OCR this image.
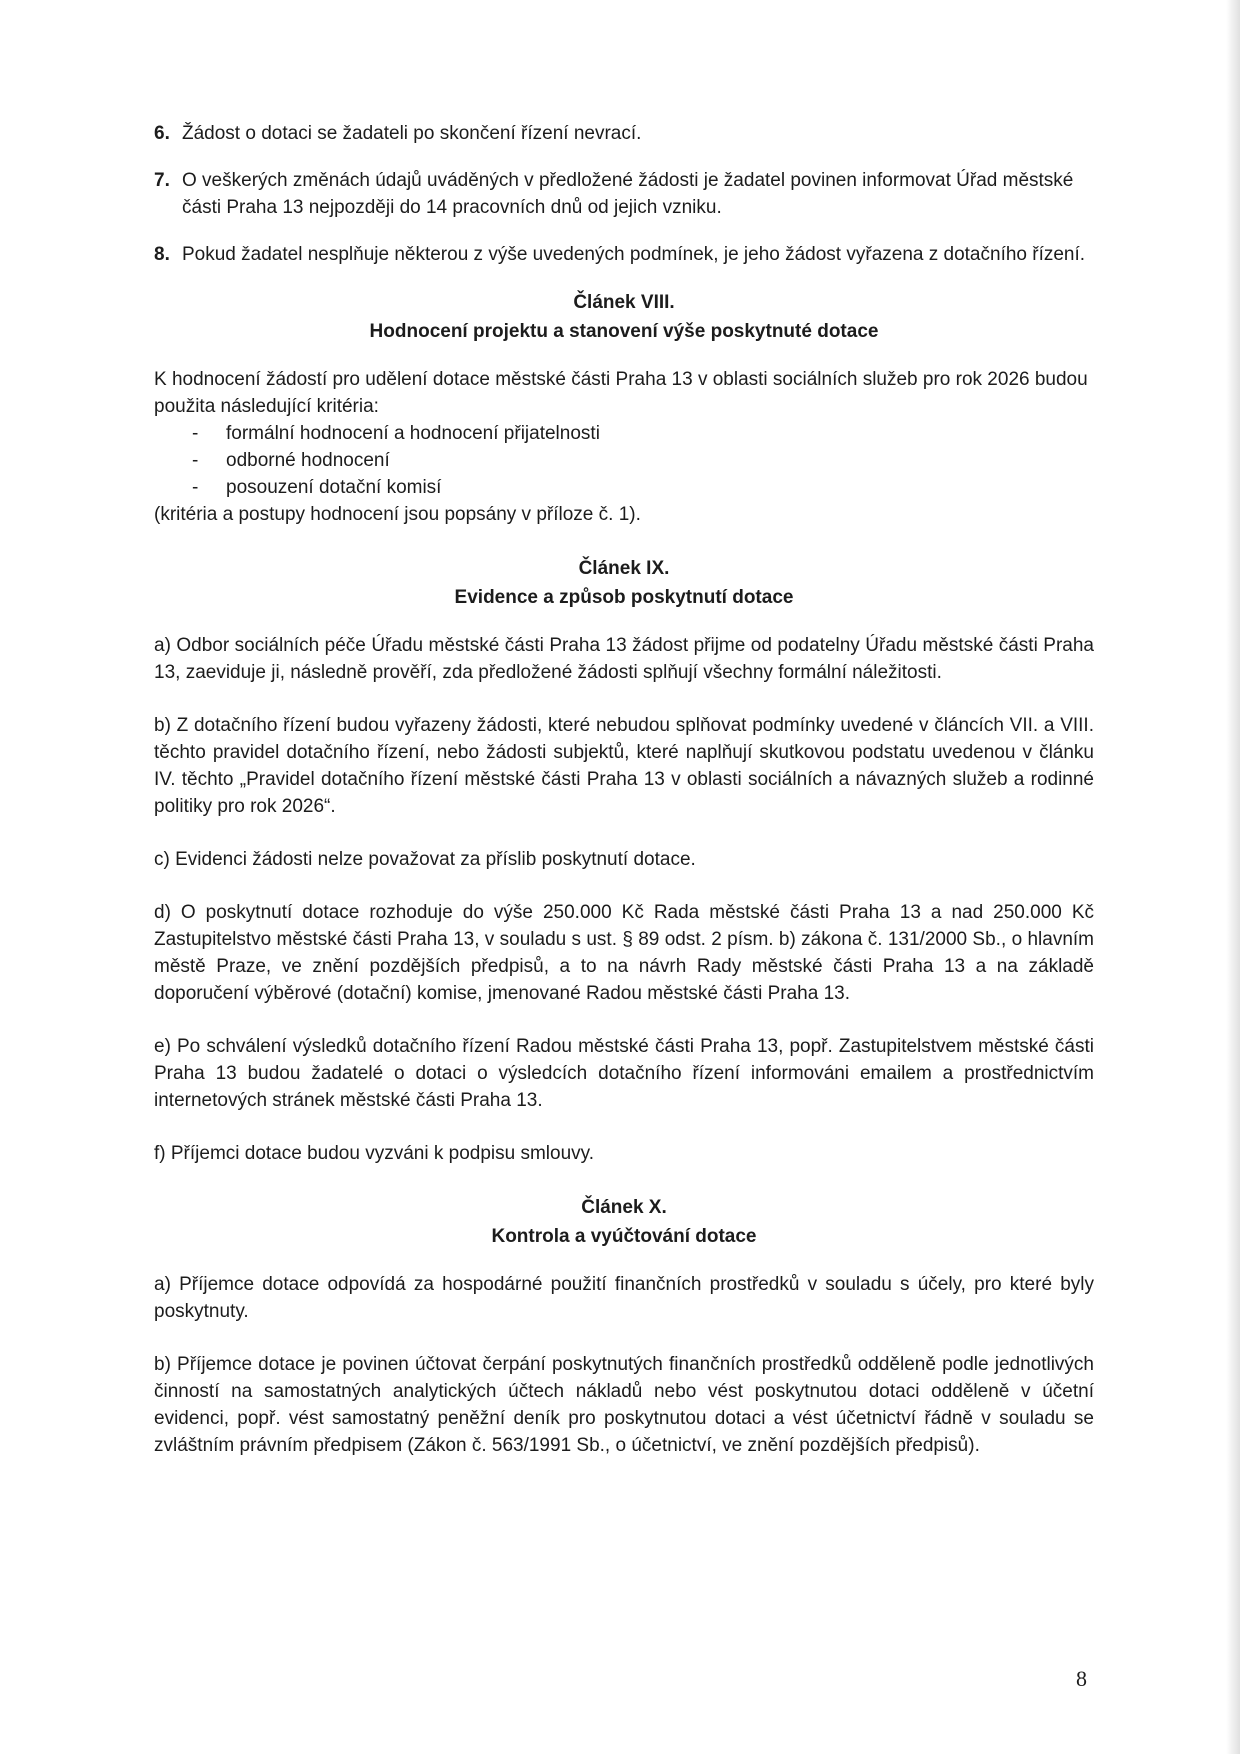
6. Žádost o dotaci se žadateli po skončení řízení nevrací.
7. O veškerých změnách údajů uváděných v předložené žádosti je žadatel povinen informovat Úřad městské části Praha 13 nejpozději do 14 pracovních dnů od jejich vzniku.
8. Pokud žadatel nesplňuje některou z výše uvedených podmínek, je jeho žádost vyřazena z dotačního řízení.
Článek VIII.
Hodnocení projektu a stanovení výše poskytnuté dotace
K hodnocení žádostí pro udělení dotace městské části Praha 13 v oblasti sociálních služeb pro rok 2026 budou použita následující kritéria:
- formální hodnocení a hodnocení přijatelnosti
- odborné hodnocení
- posouzení dotační komisí
(kritéria a postupy hodnocení jsou popsány v příloze č. 1).
Článek IX.
Evidence a způsob poskytnutí dotace
a) Odbor sociálních péče Úřadu městské části Praha 13 žádost přijme od podatelny Úřadu městské části Praha 13, zaeviduje ji, následně prověří, zda předložené žádosti splňují všechny formální náležitosti.
b) Z dotačního řízení budou vyřazeny žádosti, které nebudou splňovat podmínky uvedené v článcích VII. a VIII. těchto pravidel dotačního řízení, nebo žádosti subjektů, které naplňují skutkovou podstatu uvedenou v článku IV. těchto „Pravidel dotačního řízení městské části Praha 13 v oblasti sociálních a návazných služeb a rodinné politiky pro rok 2026“.
c) Evidenci žádosti nelze považovat za příslib poskytnutí dotace.
d) O poskytnutí dotace rozhoduje do výše 250.000 Kč Rada městské části Praha 13 a nad 250.000 Kč Zastupitelstvo městské části Praha 13, v souladu s ust. § 89 odst. 2 písm. b) zákona č. 131/2000 Sb., o hlavním městě Praze, ve znění pozdějších předpisů, a to na návrh Rady městské části Praha 13 a na základě doporučení výběrové (dotační) komise, jmenované Radou městské části Praha 13.
e) Po schválení výsledků dotačního řízení Radou městské části Praha 13, popř. Zastupitelstvem městské části Praha 13 budou žadatelé o dotaci o výsledcích dotačního řízení informováni emailem a prostřednictvím internetových stránek městské části Praha 13.
f) Příjemci dotace budou vyzváni k podpisu smlouvy.
Článek X.
Kontrola a vyúčtování dotace
a) Příjemce dotace odpovídá za hospodárné použití finančních prostředků v souladu s účely, pro které byly poskytnuty.
b) Příjemce dotace je povinen účtovat čerpání poskytnutých finančních prostředků odděleně podle jednotlivých činností na samostatných analytických účtech nákladů nebo vést poskytnutou dotaci odděleně v účetní evidenci, popř. vést samostatný peněžní deník pro poskytnutou dotaci a vést účetnictví řádně v souladu se zvláštním právním předpisem (Zákon č. 563/1991 Sb., o účetnictví, ve znění pozdějších předpisů).
8
